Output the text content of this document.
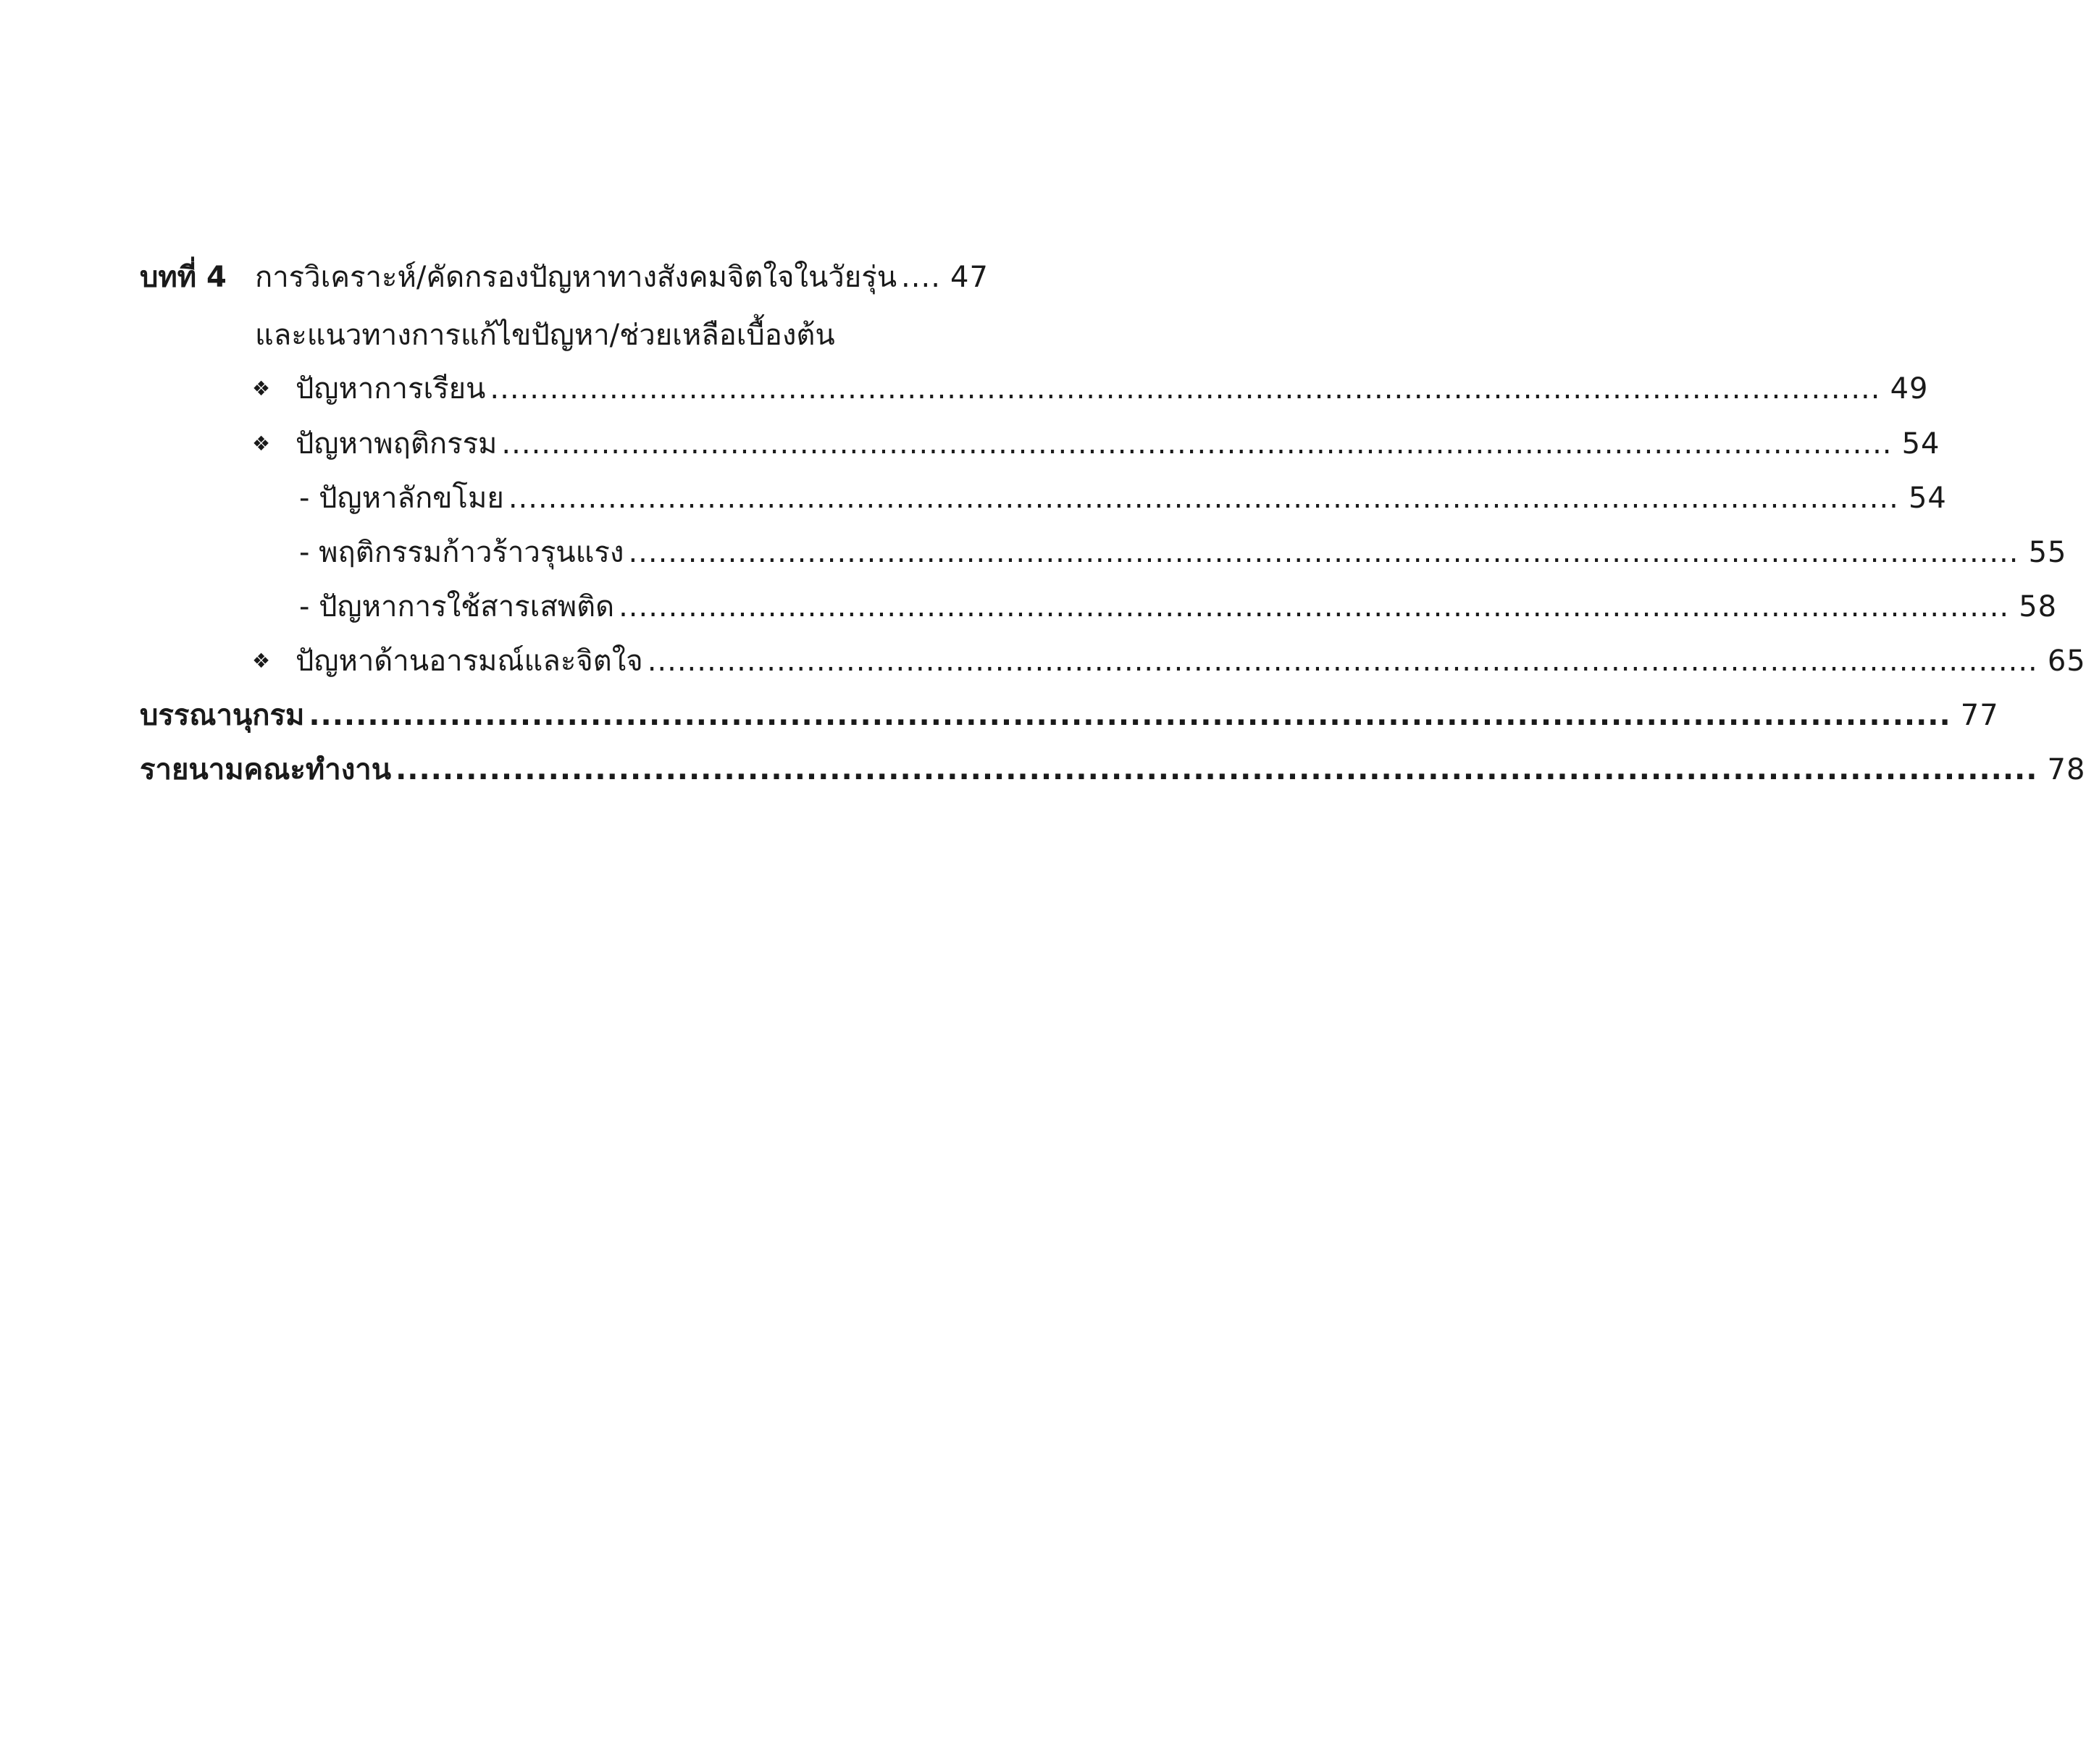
บทที่ 4 การวิเคราะห์/คัดกรองปัญหาทางสังคมจิตใจในวัยรุ่น .... 47
และแนวทางการแก้ไขปัญหา/ช่วยเหลือเบื้องต้น
❖ ปัญหาการเรียน ............................................................................................................................................ 49
❖ ปัญหาพฤติกรรม ............................................................................................................................................ 54
- ปัญหาลักขโมย ............................................................................................................................................ 54
- พฤติกรรมก้าวร้าวรุนแรง ............................................................................................................................................ 55
- ปัญหาการใช้สารเสพติด ............................................................................................................................................ 58
❖ ปัญหาด้านอารมณ์และจิตใจ ............................................................................................................................................ 65
บรรณานุกรม ............................................................................................................................................ 77
รายนามคณะทำงาน ............................................................................................................................................ 78
